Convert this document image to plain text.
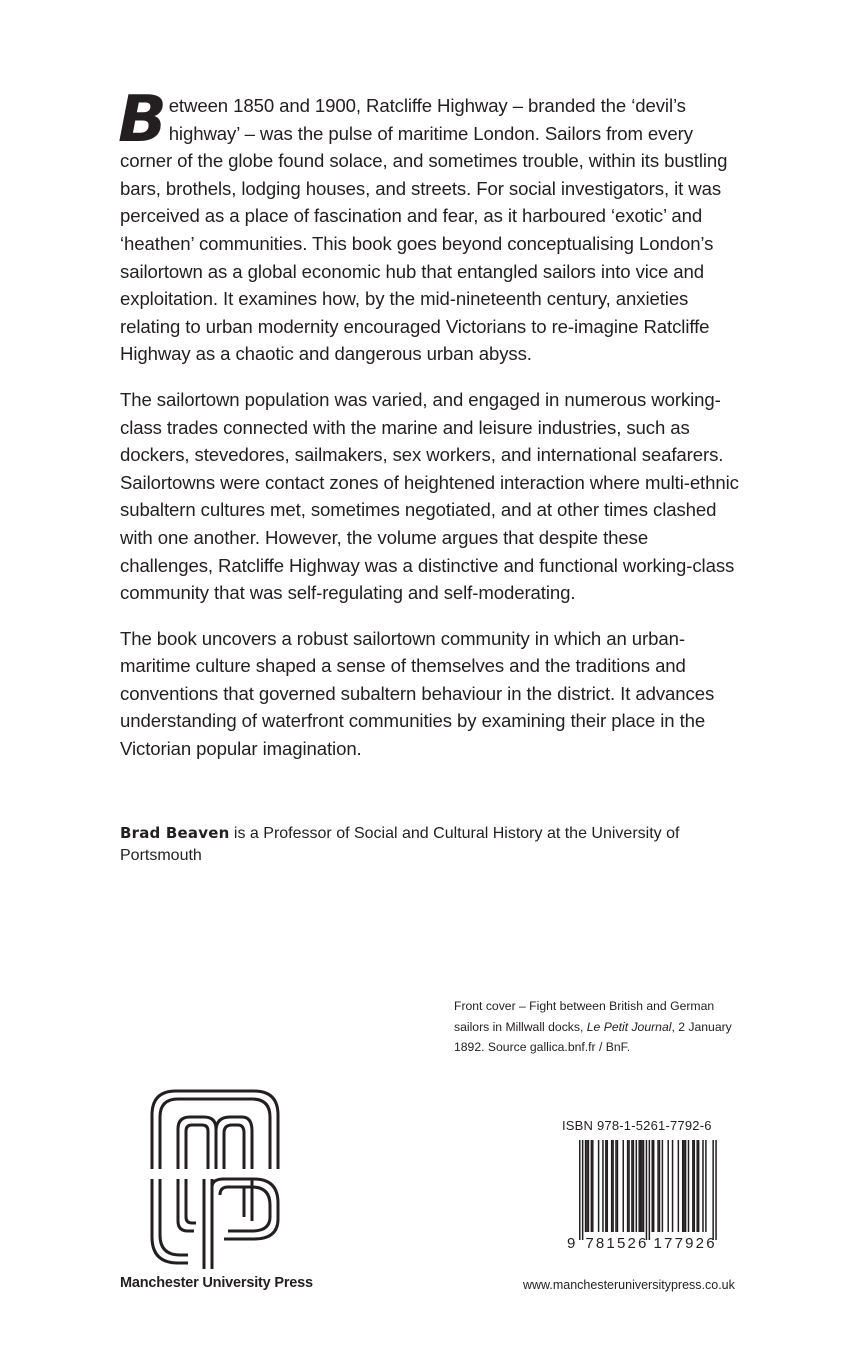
Between 1850 and 1900, Ratcliffe Highway – branded the ‘devil’s highway’ – was the pulse of maritime London. Sailors from every corner of the globe found solace, and sometimes trouble, within its bustling bars, brothels, lodging houses, and streets. For social investigators, it was perceived as a place of fascination and fear, as it harboured ‘exotic’ and ‘heathen’ communities. This book goes beyond conceptualising London’s sailortown as a global economic hub that entangled sailors into vice and exploitation. It examines how, by the mid-nineteenth century, anxieties relating to urban modernity encouraged Victorians to re-imagine Ratcliffe Highway as a chaotic and dangerous urban abyss.

The sailortown population was varied, and engaged in numerous working-class trades connected with the marine and leisure industries, such as dockers, stevedores, sailmakers, sex workers, and international seafarers. Sailortowns were contact zones of heightened interaction where multi-ethnic subaltern cultures met, sometimes negotiated, and at other times clashed with one another. However, the volume argues that despite these challenges, Ratcliffe Highway was a distinctive and functional working-class community that was self-regulating and self-moderating.

The book uncovers a robust sailortown community in which an urban-maritime culture shaped a sense of themselves and the traditions and conventions that governed subaltern behaviour in the district. It advances understanding of waterfront communities by examining their place in the Victorian popular imagination.

Brad Beaven is a Professor of Social and Cultural History at the University of Portsmouth
Front cover – Fight between British and German sailors in Millwall docks, Le Petit Journal, 2 January 1892. Source gallica.bnf.fr / BnF.
Manchester University Press
ISBN 978-1-5261-7792-6
9 781526 177926
www.manchesteruniversitypress.co.uk
